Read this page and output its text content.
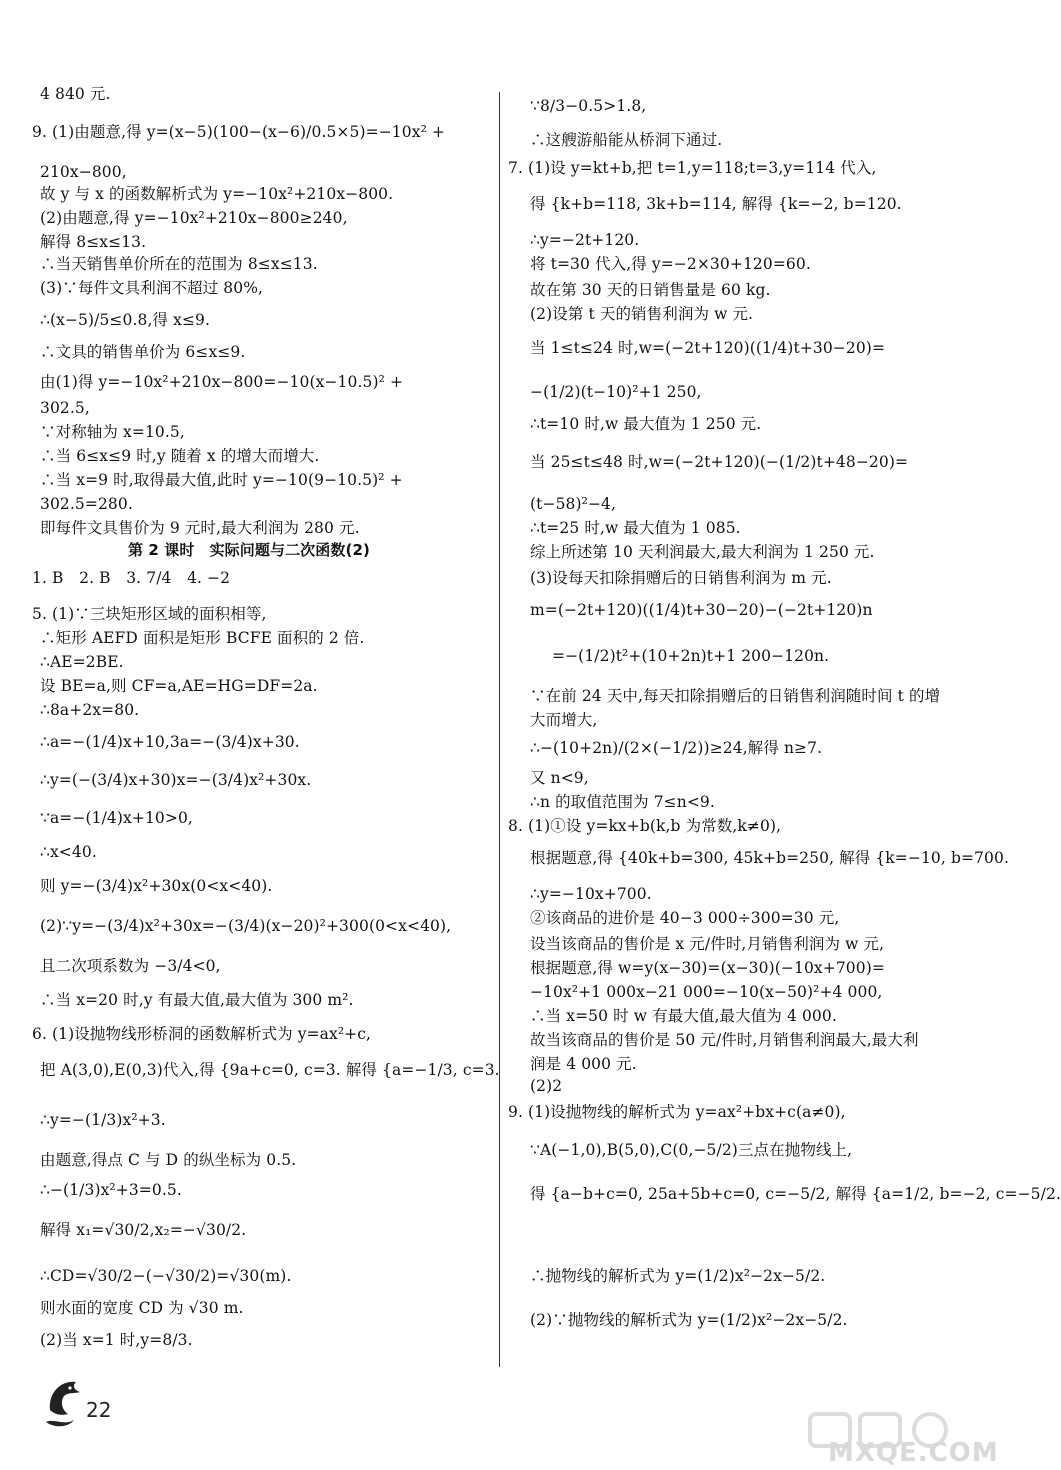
4 840 元.
9. (1)由题意,得 y=(x−5)(100−(x−6)/0.5×5)=−10x² +
210x−800,
故 y 与 x 的函数解析式为 y=−10x²+210x−800.
(2)由题意,得 y=−10x²+210x−800≥240,
解得 8≤x≤13.
∴当天销售单价所在的范围为 8≤x≤13.
(3)∵每件文具利润不超过 80%,
∴(x−5)/5≤0.8,得 x≤9.
∴文具的销售单价为 6≤x≤9.
由(1)得 y=−10x²+210x−800=−10(x−10.5)² +
302.5,
∵对称轴为 x=10.5,
∴当 6≤x≤9 时,y 随着 x 的增大而增大.
∴当 x=9 时,取得最大值,此时 y=−10(9−10.5)² +
302.5=280.
即每件文具售价为 9 元时,最大利润为 280 元.
第 2 课时　实际问题与二次函数(2)
1. B　2. B　3. 7/4　4. −2
5. (1)∵三块矩形区域的面积相等,
∴矩形 AEFD 面积是矩形 BCFE 面积的 2 倍.
∴AE=2BE.
设 BE=a,则 CF=a,AE=HG=DF=2a.
∴8a+2x=80.
∴a=−(1/4)x+10,3a=−(3/4)x+30.
∴y=(−(3/4)x+30)x=−(3/4)x²+30x.
∵a=−(1/4)x+10>0,
∴x<40.
则 y=−(3/4)x²+30x(0<x<40).
(2)∵y=−(3/4)x²+30x=−(3/4)(x−20)²+300(0<x<40),
且二次项系数为 −3/4<0,
∴当 x=20 时,y 有最大值,最大值为 300 m².
6. (1)设抛物线形桥洞的函数解析式为 y=ax²+c,
把 A(3,0),E(0,3)代入,得 {9a+c=0, c=3. 解得 {a=−1/3, c=3.
∴y=−(1/3)x²+3.
由题意,得点 C 与 D 的纵坐标为 0.5.
∴−(1/3)x²+3=0.5.
解得 x₁=√30/2,x₂=−√30/2.
∴CD=√30/2−(−√30/2)=√30(m).
则水面的宽度 CD 为 √30 m.
(2)当 x=1 时,y=8/3.
∵8/3−0.5>1.8,
∴这艘游船能从桥洞下通过.
7. (1)设 y=kt+b,把 t=1,y=118;t=3,y=114 代入,
得 {k+b=118, 3k+b=114, 解得 {k=−2, b=120.
∴y=−2t+120.
将 t=30 代入,得 y=−2×30+120=60.
故在第 30 天的日销售量是 60 kg.
(2)设第 t 天的销售利润为 w 元.
当 1≤t≤24 时,w=(−2t+120)((1/4)t+30−20)=
−(1/2)(t−10)²+1 250,
∴t=10 时,w 最大值为 1 250 元.
当 25≤t≤48 时,w=(−2t+120)(−(1/2)t+48−20)=
(t−58)²−4,
∴t=25 时,w 最大值为 1 085.
综上所述第 10 天利润最大,最大利润为 1 250 元.
(3)设每天扣除捐赠后的日销售利润为 m 元.
m=(−2t+120)((1/4)t+30−20)−(−2t+120)n
=−(1/2)t²+(10+2n)t+1 200−120n.
∵在前 24 天中,每天扣除捐赠后的日销售利润随时间 t 的增
大而增大,
∴−(10+2n)/(2×(−1/2))≥24,解得 n≥7.
又 n<9,
∴n 的取值范围为 7≤n<9.
8. (1)①设 y=kx+b(k,b 为常数,k≠0),
根据题意,得 {40k+b=300, 45k+b=250, 解得 {k=−10, b=700.
∴y=−10x+700.
②该商品的进价是 40−3 000÷300=30 元,
设当该商品的售价是 x 元/件时,月销售利润为 w 元,
根据题意,得 w=y(x−30)=(x−30)(−10x+700)=
−10x²+1 000x−21 000=−10(x−50)²+4 000,
∴当 x=50 时 w 有最大值,最大值为 4 000.
故当该商品的售价是 50 元/件时,月销售利润最大,最大利
润是 4 000 元.
(2)2
9. (1)设抛物线的解析式为 y=ax²+bx+c(a≠0),
∵A(−1,0),B(5,0),C(0,−5/2)三点在抛物线上,
得 {a−b+c=0, 25a+5b+c=0, c=−5/2, 解得 {a=1/2, b=−2, c=−5/2.
∴抛物线的解析式为 y=(1/2)x²−2x−5/2.
(2)∵抛物线的解析式为 y=(1/2)x²−2x−5/2.
22
MXQE.COM
